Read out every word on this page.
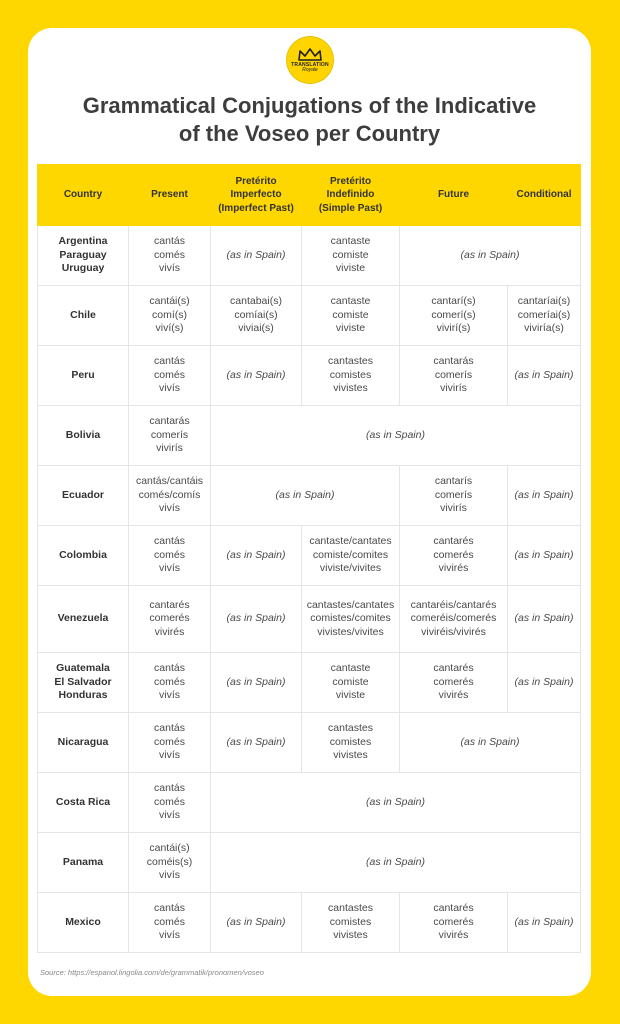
TRANSLATION
Royale
Grammatical Conjugations of the Indicative
of the Voseo per Country
Country	Present	Pretérito
Imperfecto
(Imperfect Past)	Pretérito
Indefinido
(Simple Past)	Future	Conditional

Argentina
Paraguay
Uruguay	cantás
comés
vivís	(as in Spain)	cantaste
comiste
viviste	(as in Spain)	

Chile	cantái(s)
comí(s)
viví(s)	cantabai(s)
comíai(s)
viviai(s)	cantaste
comiste
viviste	cantarí(s)
comerí(s)
vivirí(s)	cantaríai(s)
comeríai(s)
viviría(s)

Peru	cantás
comés
vivís	(as in Spain)	cantastes
comistes
vivistes	cantarás
comerís
vivirís	(as in Spain)

Bolivia	cantarás
comerís
vivirís	(as in Spain)			

Ecuador	cantás/cantáis
comés/comís
vivís	(as in Spain)		cantarís
comerís
vivirís	(as in Spain)

Colombia	cantás
comés
vivís	(as in Spain)	cantaste/cantates
comiste/comites
viviste/vivites	cantarés
comerés
vivirés	(as in Spain)

Venezuela	cantarés
comerés
vivirés	(as in Spain)	cantastes/cantates
comistes/comites
vivistes/vivites	cantaréis/cantarés
comeréis/comerés
viviréis/vivirés	(as in Spain)

Guatemala
El Salvador
Honduras	cantás
comés
vivís	(as in Spain)	cantaste
comiste
viviste	cantarés
comerés
vivirés	(as in Spain)

Nicaragua	cantás
comés
vivís	(as in Spain)	cantastes
comistes
vivistes	(as in Spain)	

Costa Rica	cantás
comés
vivís	(as in Spain)			

Panama	cantái(s)
coméis(s)
vivís	(as in Spain)			

Mexico	cantás
comés
vivís	(as in Spain)	cantastes
comistes
vivistes	cantarés
comerés
vivirés	(as in Spain)
Source: https://espanol.lingolia.com/de/grammatik/pronomen/voseo
